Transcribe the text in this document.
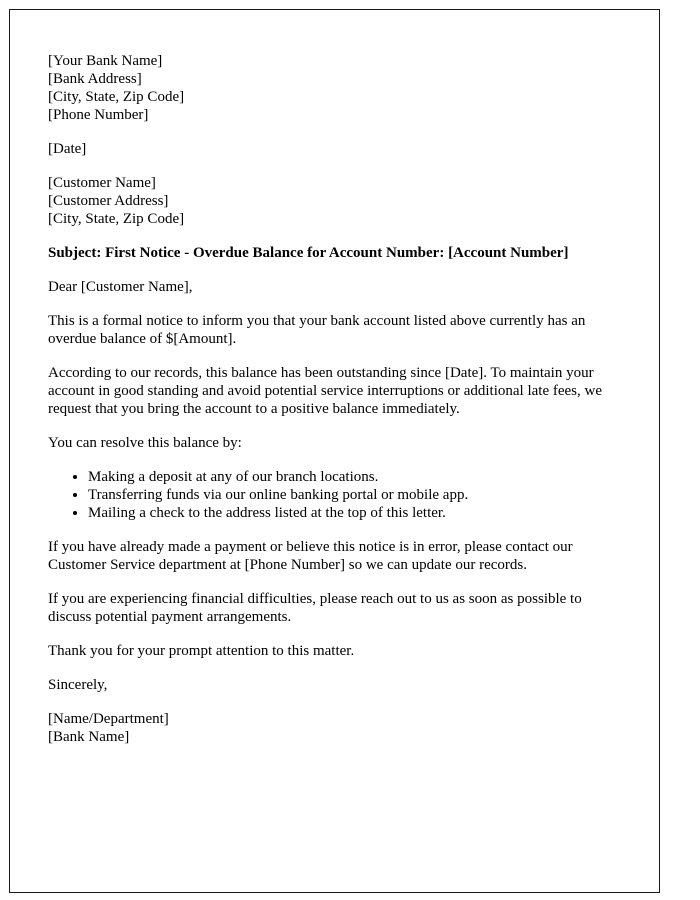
[Your Bank Name]
[Bank Address]
[City, State, Zip Code]
[Phone Number]
[Date]
[Customer Name]
[Customer Address]
[City, State, Zip Code]
Subject: First Notice - Overdue Balance for Account Number: [Account Number]

Dear [Customer Name],

This is a formal notice to inform you that your bank account listed above currently has an overdue balance of $[Amount].

According to our records, this balance has been outstanding since [Date]. To maintain your account in good standing and avoid potential service interruptions or additional late fees, we request that you bring the account to a positive balance immediately.

You can resolve this balance by:

• Making a deposit at any of our branch locations.
• Transferring funds via our online banking portal or mobile app.
• Mailing a check to the address listed at the top of this letter.

If you have already made a payment or believe this notice is in error, please contact our Customer Service department at [Phone Number] so we can update our records.

If you are experiencing financial difficulties, please reach out to us as soon as possible to discuss potential payment arrangements.

Thank you for your prompt attention to this matter.

Sincerely,

[Name/Department]
[Bank Name]
